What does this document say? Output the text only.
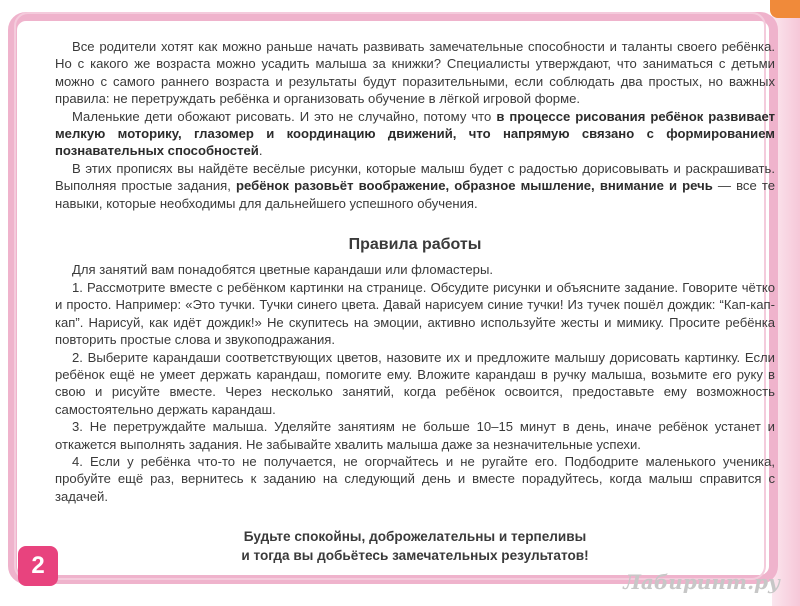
Все родители хотят как можно раньше начать развивать замечательные способности и таланты своего ребёнка. Но с какого же возраста можно усадить малыша за книжки? Специалисты утверждают, что заниматься с детьми можно с самого раннего возраста и результаты будут поразительными, если соблюдать два простых, но важных правила: не перетруждать ребёнка и организовать обучение в лёгкой игровой форме.

Маленькие дети обожают рисовать. И это не случайно, потому что в процессе рисования ребёнок развивает мелкую моторику, глазомер и координацию движений, что напрямую связано с формированием познавательных способностей.

В этих прописях вы найдёте весёлые рисунки, которые малыш будет с радостью дорисовывать и раскрашивать. Выполняя простые задания, ребёнок разовьёт воображение, образное мышление, внимание и речь — все те навыки, которые необходимы для дальнейшего успешного обучения.

Правила работы

Для занятий вам понадобятся цветные карандаши или фломастеры.

1. Рассмотрите вместе с ребёнком картинки на странице. Обсудите рисунки и объясните задание. Говорите чётко и просто. Например: «Это тучки. Тучки синего цвета. Давай нарисуем синие тучки! Из тучек пошёл дождик: “Кап-кап-кап”. Нарисуй, как идёт дождик!» Не скупитесь на эмоции, активно используйте жесты и мимику. Просите ребёнка повторить простые слова и звукоподражания.

2. Выберите карандаши соответствующих цветов, назовите их и предложите малышу дорисовать картинку. Если ребёнок ещё не умеет держать карандаш, помогите ему. Вложите карандаш в ручку малыша, возьмите его руку в свою и рисуйте вместе. Через несколько занятий, когда ребёнок освоится, предоставьте ему возможность самостоятельно держать карандаш.

3. Не перетруждайте малыша. Уделяйте занятиям не больше 10–15 минут в день, иначе ребёнок устанет и откажется выполнять задания. Не забывайте хвалить малыша даже за незначительные успехи.

4. Если у ребёнка что-то не получается, не огорчайтесь и не ругайте его. Подбодрите маленького ученика, пробуйте ещё раз, вернитесь к заданию на следующий день и вместе порадуйтесь, когда малыш справится с задачей.

Будьте спокойны, доброжелательны и терпеливы
и тогда вы добьётесь замечательных результатов!
2
Лабиринт.ру
